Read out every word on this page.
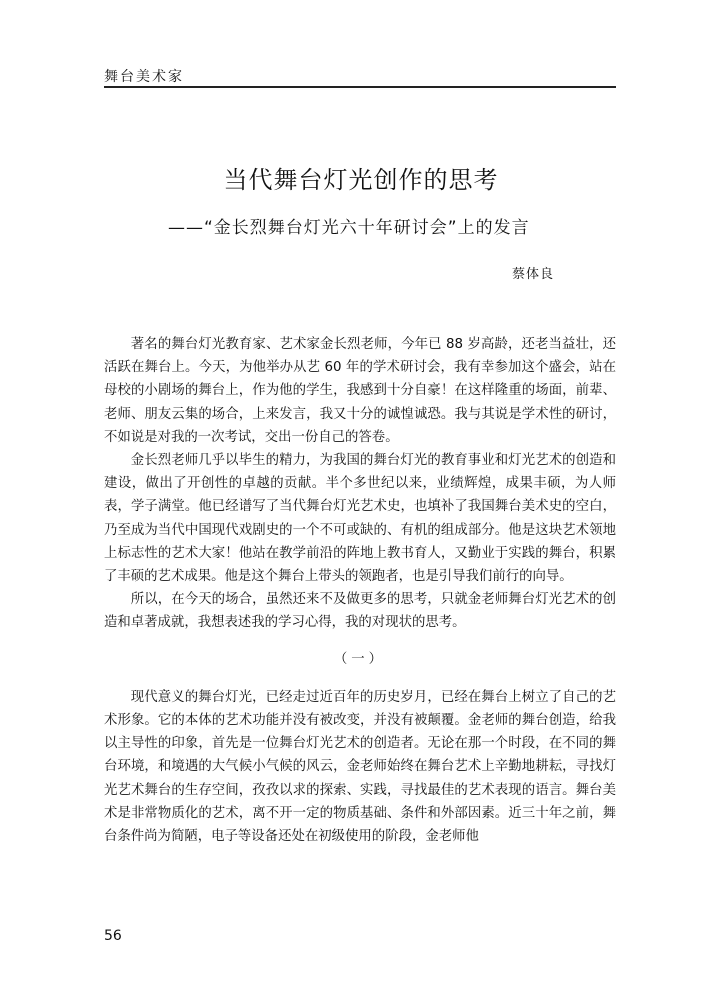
舞台美术家
当代舞台灯光创作的思考
——“金长烈舞台灯光六十年研讨会”上的发言
蔡体良

著名的舞台灯光教育家、艺术家金长烈老师，今年已 88 岁高龄，还老当益壮，还活跃在舞台上。今天，为他举办从艺 60 年的学术研讨会，我有幸参加这个盛会，站在母校的小剧场的舞台上，作为他的学生，我感到十分自豪！在这样隆重的场面，前辈、老师、朋友云集的场合，上来发言，我又十分的诚惶诚恐。我与其说是学术性的研讨，不如说是对我的一次考试，交出一份自己的答卷。

金长烈老师几乎以毕生的精力，为我国的舞台灯光的教育事业和灯光艺术的创造和建设，做出了开创性的卓越的贡献。半个多世纪以来，业绩辉煌，成果丰硕，为人师表，学子满堂。他已经谱写了当代舞台灯光艺术史，也填补了我国舞台美术史的空白，乃至成为当代中国现代戏剧史的一个不可或缺的、有机的组成部分。他是这块艺术领地上标志性的艺术大家！他站在教学前沿的阵地上教书育人，又勤业于实践的舞台，积累了丰硕的艺术成果。他是这个舞台上带头的领跑者，也是引导我们前行的向导。

所以，在今天的场合，虽然还来不及做更多的思考，只就金老师舞台灯光艺术的创造和卓著成就，我想表述我的学习心得，我的对现状的思考。

（一）

现代意义的舞台灯光，已经走过近百年的历史岁月，已经在舞台上树立了自己的艺术形象。它的本体的艺术功能并没有被改变，并没有被颠覆。金老师的舞台创造，给我以主导性的印象，首先是一位舞台灯光艺术的创造者。无论在那一个时段，在不同的舞台环境，和境遇的大气候小气候的风云，金老师始终在舞台艺术上辛勤地耕耘，寻找灯光艺术舞台的生存空间，孜孜以求的探索、实践，寻找最佳的艺术表现的语言。舞台美术是非常物质化的艺术，离不开一定的物质基础、条件和外部因素。近三十年之前，舞台条件尚为简陋，电子等设备还处在初级使用的阶段，金老师他

56
